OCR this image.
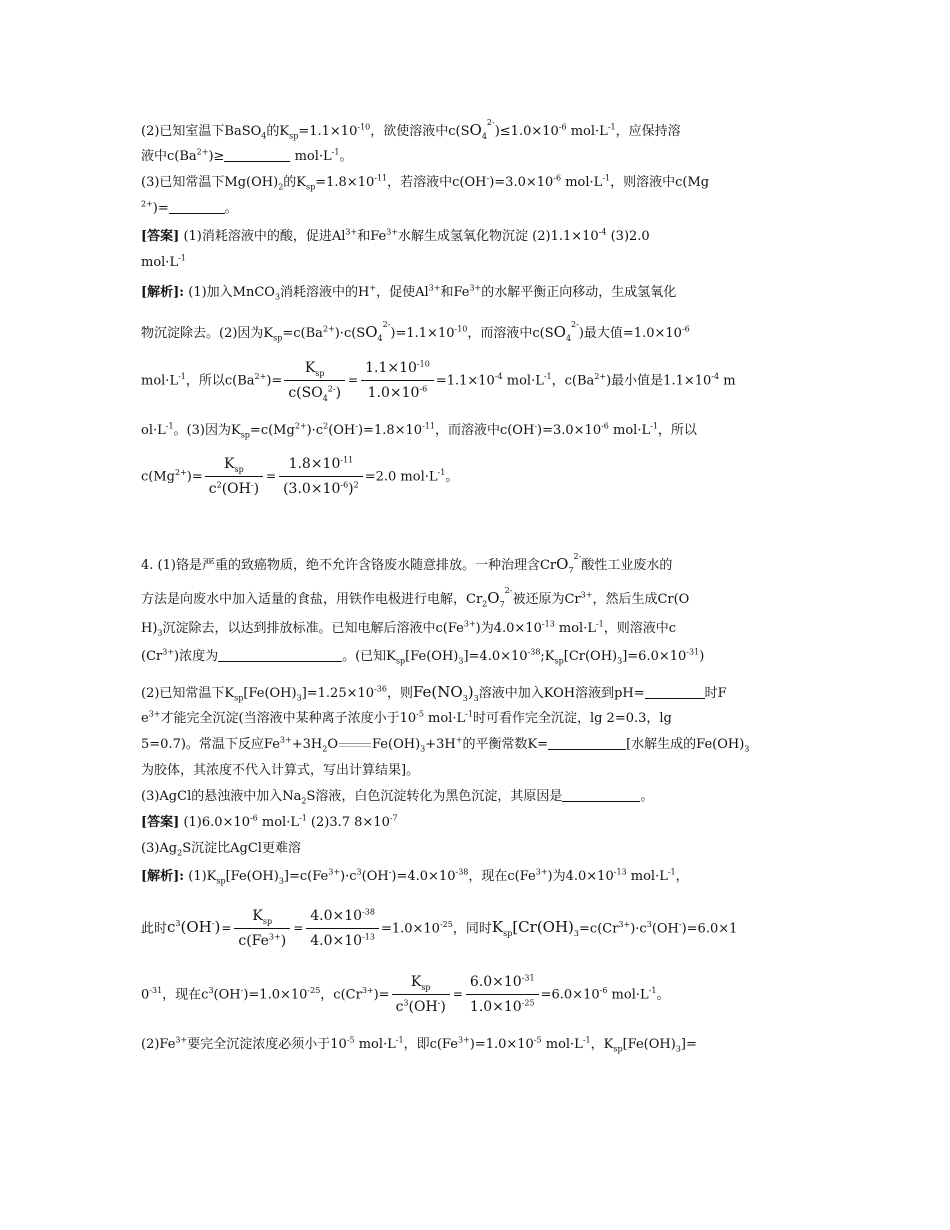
(2)已知室温下BaSO$_4$的$K_{sp}=1.1\times 10^{-10}$，欲使溶液中$c(SO_4^{2-})\le 1.0\times 10^{-6}$ $mol\cdot L^{-1}$，应保持溶
液中$c(Ba^{2+})\ge$	$mol\cdot L^{-1}$。
(3)已知常温下$Mg(OH)_2$的$K_{sp}=1.8\times 10^{-11}$，若溶液中$c(OH^-)=3.0\times 10^{-6}$ $mol\cdot L^{-1}$，则溶液中c(Mg
$^{2+}$)=	。
[答案] (1)消耗溶液中的酸，促进$Al^{3+}$和$Fe^{3+}$水解生成氢氧化物沉淀 $(2)1.1\times 10^{-4}$ (3)2.0
$mol\cdot L^{-1}$
[解析]: (1)加入MnCO$_3$消耗溶液中的H+，促使$Al^{3+}$和$Fe^{3+}$的水解平衡正向移动，生成氢氧化
物沉淀除去。(2)因为$K_{sp}=c(Ba^{2+})\cdot c(SO_4^{2-})=1.1\times 10^{-10}$，而溶液中$c(SO_4^{2-})$最大值$=1.0\times 10^{-6}$
$mol\cdot L^{-1}$，所以$c(Ba^{2+})= \frac{K_{sp}}{c(SO_4^{2-})} = \frac{1.1\times 10^{-10}}{1.0\times 10^{-6}} =1.1\times 10^{-4}$ $mol\cdot L^{-1}$，$c(Ba^{2+})$最小值是$1.1\times 10^{-4}$ m
$ol\cdot L^{-1}$。(3)因为$K_{sp}=c(Mg^{2+})\cdot c^2(OH^-)=1.8\times 10^{-11}$，而溶液中$c(OH^-)=3.0\times 10^{-6}$ $mol\cdot L^{-1}$，所以
$c(Mg^{2+})= \frac{K_{sp}}{c^2(OH^-)} = \frac{1.8\times 10^{-11}}{(3.0\times 10^{-6})^2} =2.0$ $mol\cdot L^{-1}$。
4. (1)铬是严重的致癌物质，绝不允许含铬废水随意排放。一种治理含CrO$_7^{2-}$酸性工业废水的
方法是向废水中加入适量的食盐，用铁作电极进行电解，$Cr_2O_7^{2-}$被还原为$Cr^{3+}$，然后生成Cr(O
$H)_3$沉淀除去，以达到排放标准。已知电解后溶液中$c(Fe^{3+})$为$4.0\times 10^{-13}$ $mol\cdot L^{-1}$，则溶液中c
$(Cr^{3+})$浓度为	。(已知$K_{sp}[Fe(OH)_3]=4.0\times 10^{-38};K_{sp}[Cr(OH)_3]=6.0\times 10^{-31}$)
(2)已知常温下$K_{sp}[Fe(OH)_3]=1.25\times 10^{-36}$，则$Fe(NO_3)_3$溶液中加入KOH溶液到pH=	时F
$e^{3+}$才能完全沉淀(当溶液中某种离子浓度小于$10^{-5}$ $mol\cdot L^{-1}$时可看作完全沉淀，lg 2=0.3，lg
5=0.7)。常温下反应$Fe^{3+}+3H_2O$	$Fe(OH)_3+3H^+$的平衡常数K=	[水解生成的$Fe(OH)_3$
为胶体，其浓度不代入计算式，写出计算结果]。
(3)AgCl的悬浊液中加入$Na_2S$溶液，白色沉淀转化为黑色沉淀，其原因是	。
[答案] $(1)6.0\times 10^{-6}$ $mol\cdot L^{-1}$ (2)3.7 $8\times 10^{-7}$
$(3)Ag_2S$沉淀比AgCl更难溶
[解析]: $(1)K_{sp}[Fe(OH)_3]=c(Fe^{3+})\cdot c^3(OH^-)=4.0\times 10^{-38}$，现在$c(Fe^{3+})$为$4.0\times 10^{-13}$ $mol\cdot L^{-1}$，
此时$c^3(OH^-)= \frac{K_{sp}}{c(Fe^{3+})} = \frac{4.0\times 10^{-38}}{4.0\times 10^{-13}} =1.0\times 10^{-25}$，同时$K_{sp}[Cr(OH)_3=c(Cr^{3+})\cdot c^3(OH^-)=6.0\times 1$
$0^{-31}$，现在$c^3(OH^-)=1.0\times 10^{-25}$，$c(Cr^{3+})= \frac{K_{sp}}{c^3(OH^-)} = \frac{6.0\times 10^{-31}}{1.0\times 10^{-25}} =6.0\times 10^{-6}$ $mol\cdot L^{-1}$。
$(2)Fe^{3+}$要完全沉淀浓度必须小于$10^{-5}$ $mol\cdot L^{-1}$，即$c(Fe^{3+})=1.0\times 10^{-5}$ $mol\cdot L^{-1}$，$K_{sp}[Fe(OH)_3]=$
